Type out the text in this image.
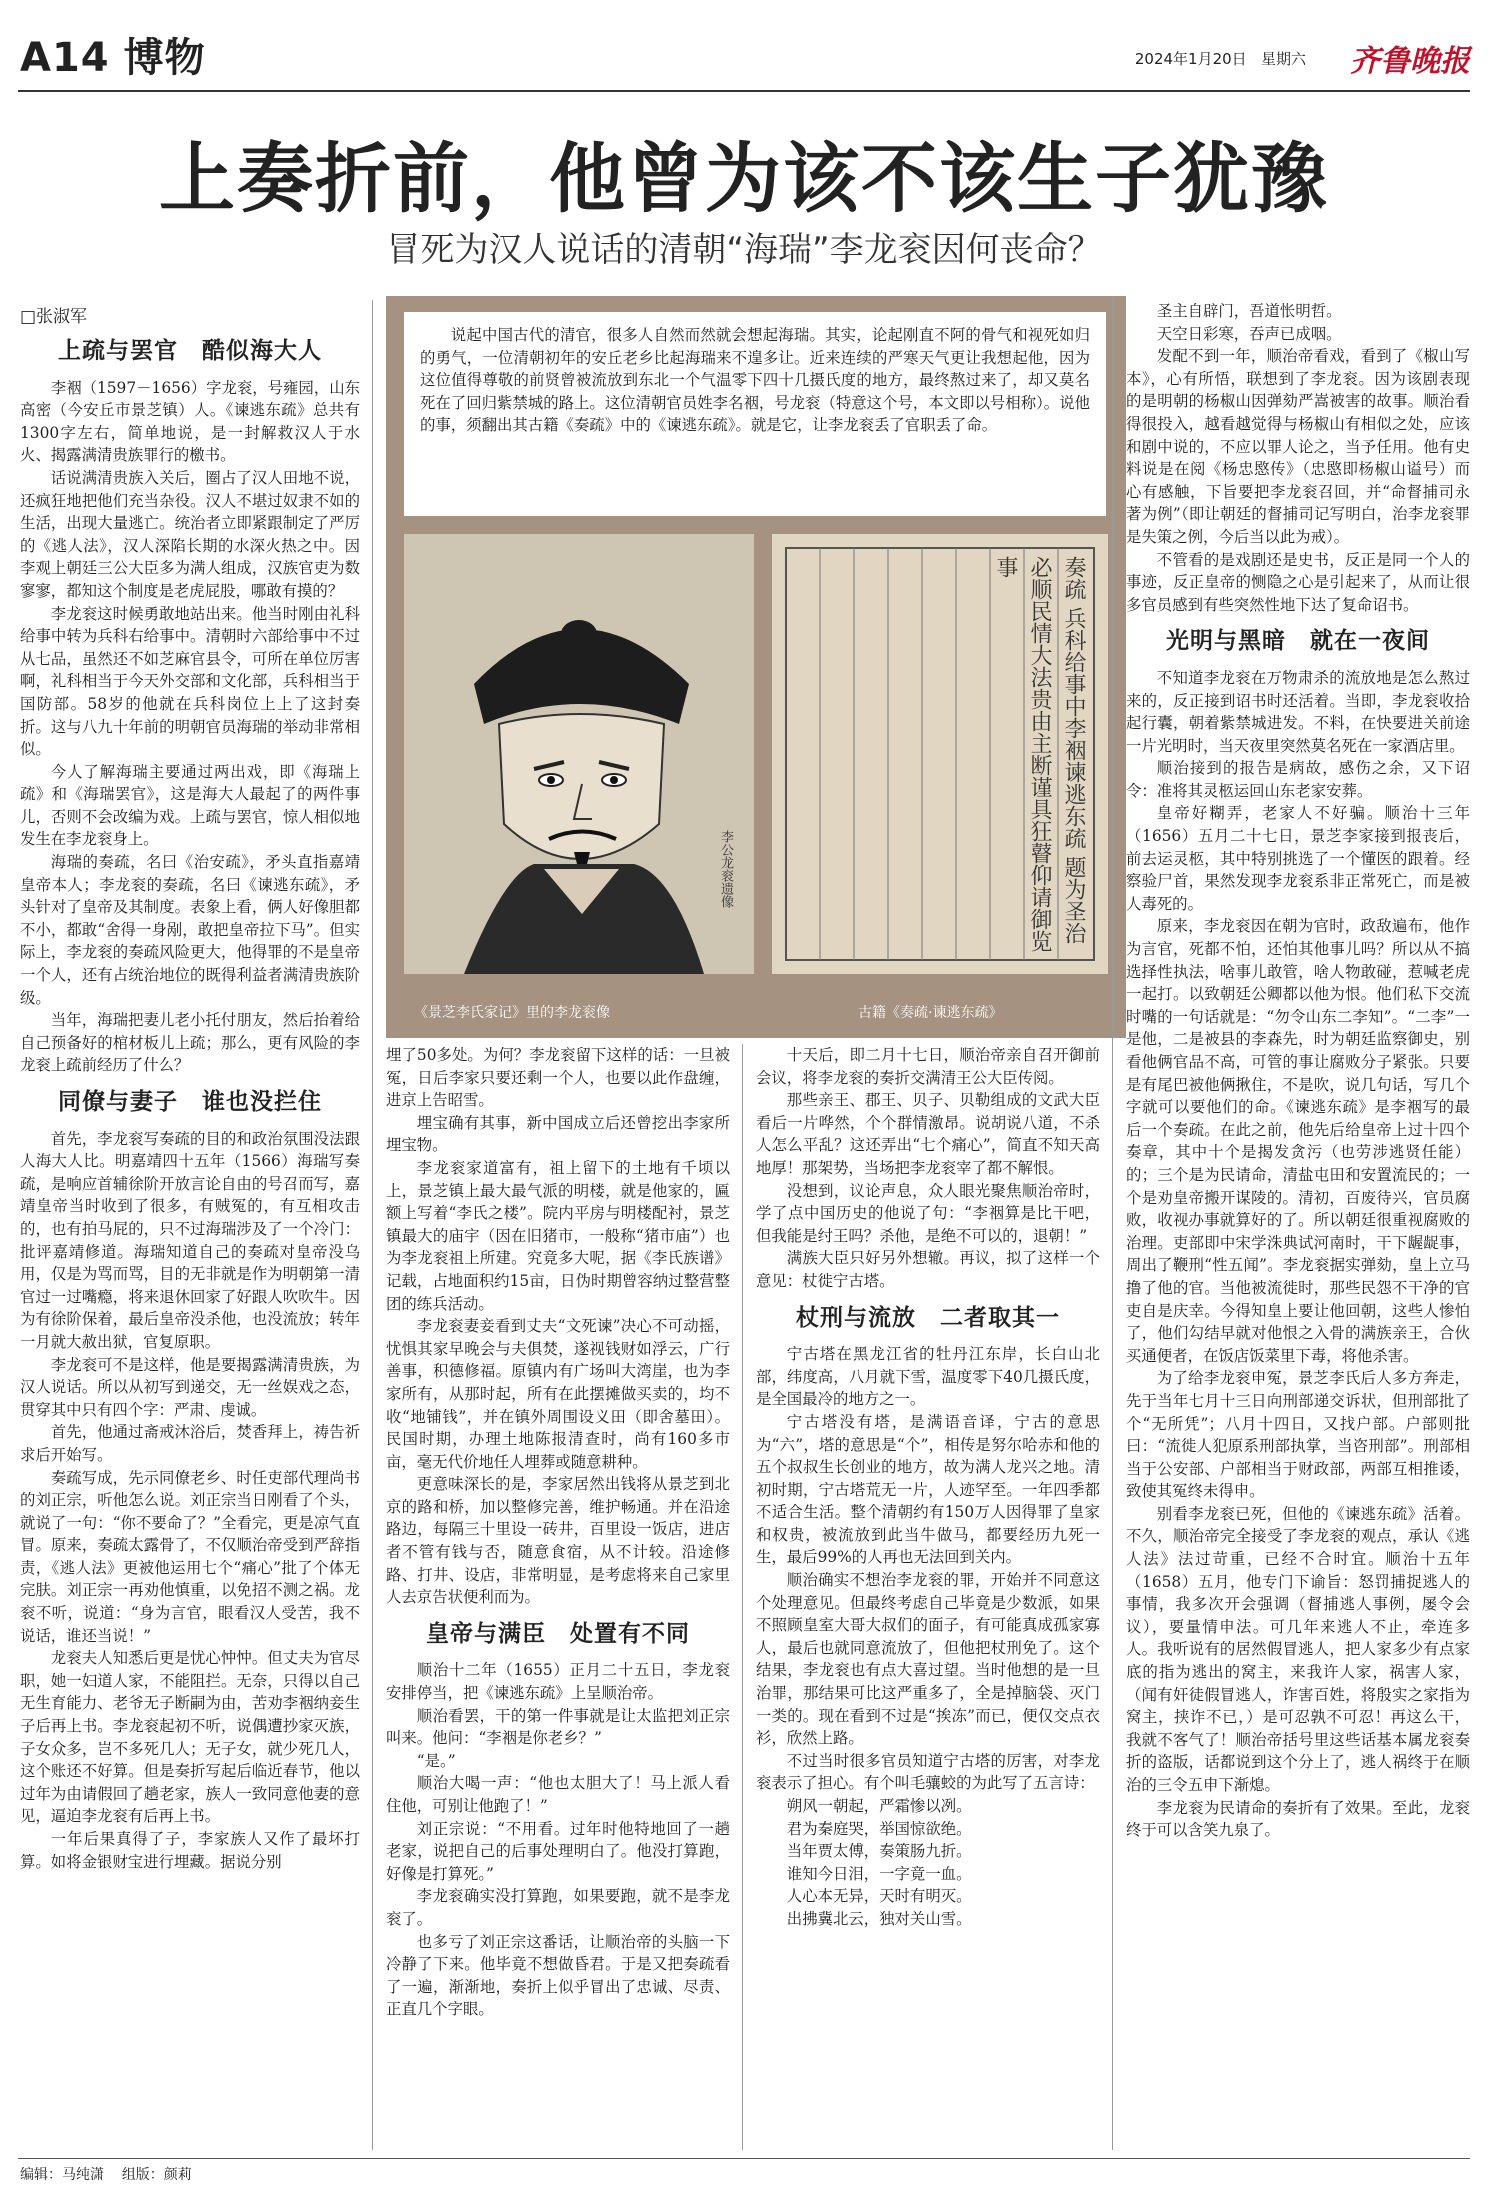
A14 博物	2024年1月20日 星期六 齐鲁晚报
上奏折前，他曾为该不该生子犹豫
冒死为汉人说话的清朝“海瑞”李龙衮因何丧命？
□张淑军

说起中国古代的清官，很多人自然而然就会想起海瑞。其实，论起刚直不阿的骨气和视死如归的勇气，一位清朝初年的安丘老乡比起海瑞来不遑多让。近来连续的严寒天气更让我想起他，因为这位值得尊敬的前贤曾被流放到东北一个气温零下四十几摄氏度的地方，最终熬过来了，却又莫名死在了回归紫禁城的路上。这位清朝官员姓李名裀，号龙衮（特意这个号，本文即以号相称）。说他的事，须翻出其古籍《奏疏》中的《谏逃东疏》。就是它，让李龙衮丢了官职丢了命。

李公龙衮遗像
《景芝李氏家记》里的李龙衮像
奏疏 兵科给事中李裀谏逃东疏 题为圣治必顺民情大法贵由主断谨具狂瞽仰请御览事
古籍《奏疏·谏逃东疏》
上疏与罢官　酷似海大人

李裀（1597－1656）字龙衮，号雍园，山东高密（今安丘市景芝镇）人。《谏逃东疏》总共有1300字左右，简单地说，是一封解救汉人于水火、揭露满清贵族罪行的檄书。

话说满清贵族入关后，圈占了汉人田地不说，还疯狂地把他们充当杂役。汉人不堪过奴隶不如的生活，出现大量逃亡。统治者立即紧跟制定了严厉的《逃人法》，汉人深陷长期的水深火热之中。因李观上朝廷三公大臣多为满人组成，汉族官吏为数寥寥，都知这个制度是老虎屁股，哪敢有摸的？

李龙衮这时候勇敢地站出来。他当时刚由礼科给事中转为兵科右给事中。清朝时六部给事中不过从七品，虽然还不如芝麻官县令，可所在单位厉害啊，礼科相当于今天外交部和文化部，兵科相当于国防部。58岁的他就在兵科岗位上上了这封奏折。这与八九十年前的明朝官员海瑞的举动非常相似。

今人了解海瑞主要通过两出戏，即《海瑞上疏》和《海瑞罢官》，这是海大人最起了的两件事儿，否则不会改编为戏。上疏与罢官，惊人相似地发生在李龙衮身上。

海瑞的奏疏，名曰《治安疏》，矛头直指嘉靖皇帝本人；李龙衮的奏疏，名曰《谏逃东疏》，矛头针对了皇帝及其制度。表象上看，俩人好像胆都不小，都敢“舍得一身剐，敢把皇帝拉下马”。但实际上，李龙衮的奏疏风险更大，他得罪的不是皇帝一个人，还有占统治地位的既得利益者满清贵族阶级。

当年，海瑞把妻儿老小托付朋友，然后抬着给自己预备好的棺材板儿上疏；那么，更有风险的李龙衮上疏前经历了什么？

同僚与妻子　谁也没拦住

首先，李龙衮写奏疏的目的和政治氛围没法跟人海大人比。明嘉靖四十五年（1566）海瑞写奏疏，是响应首辅徐阶开放言论自由的号召而写，嘉靖皇帝当时收到了很多，有贼冤的，有互相攻击的，也有拍马屁的，只不过海瑞涉及了一个冷门：批评嘉靖修道。海瑞知道自己的奏疏对皇帝没乌用，仅是为骂而骂，目的无非就是作为明朝第一清官过一过嘴瘾，将来退休回家了好跟人吹吹牛。因为有徐阶保着，最后皇帝没杀他，也没流放；转年一月就大赦出狱，官复原职。

李龙衮可不是这样，他是要揭露满清贵族，为汉人说话。所以从初写到递交，无一丝娱戏之态，贯穿其中只有四个字：严肃、虔诚。

首先，他通过斋戒沐浴后，焚香拜上，祷告祈求后开始写。

奏疏写成，先示同僚老乡、时任吏部代理尚书的刘正宗，听他怎么说。刘正宗当日刚看了个头，就说了一句：“你不要命了？”全看完，更是凉气直冒。原来，奏疏太露骨了，不仅顺治帝受到严辞指责，《逃人法》更被他运用七个“痛心”批了个体无完肤。刘正宗一再劝他慎重，以免招不测之祸。龙衮不听，说道：“身为言官，眼看汉人受苦，我不说话，谁还当说！”

龙衮夫人知悉后更是忧心忡忡。但丈夫为官尽职，她一妇道人家，不能阻拦。无奈，只得以自己无生育能力、老爷无子断嗣为由，苦劝李裀纳妾生子后再上书。李龙衮起初不听，说偶遭抄家灭族，子女众多，岂不多死几人；无子女，就少死几人，这个账还不好算。但是奏折写起后临近春节，他以过年为由请假回了趟老家，族人一致同意他妻的意见，逼迫李龙衮有后再上书。

一年后果真得了子，李家族人又作了最坏打算。如将金银财宝进行埋藏。据说分别

埋了50多处。为何？李龙衮留下这样的话：一旦被冤，日后李家只要还剩一个人，也要以此作盘缠，进京上告昭雪。

埋宝确有其事，新中国成立后还曾挖出李家所埋宝物。

李龙衮家道富有，祖上留下的土地有千顷以上，景芝镇上最大最气派的明楼，就是他家的，匾额上写着“李氏之楼”。院内平房与明楼配衬，景芝镇最大的庙宇（因在旧猪市，一般称“猪市庙”）也为李龙衮祖上所建。究竟多大呢，据《李氏族谱》记载，占地面积约15亩，日伪时期曾容纳过整营整团的练兵活动。

李龙衮妻妾看到丈夫“文死谏”决心不可动摇，忧惧其家早晚会与夫俱焚，遂视钱财如浮云，广行善事，积德修福。原镇内有广场叫大湾崖，也为李家所有，从那时起，所有在此摆摊做买卖的，均不收“地铺钱”，并在镇外周围设义田（即舍墓田）。民国时期，办理土地陈报清查时，尚有160多市亩，毫无代价地任人埋葬或随意耕种。

更意味深长的是，李家居然出钱将从景芝到北京的路和桥，加以整修完善，维护畅通。并在沿途路边，每隔三十里设一砖井，百里设一饭店，进店者不管有钱与否，随意食宿，从不计较。沿途修路、打井、设店，非常明显，是考虑将来自己家里人去京告状便利而为。

皇帝与满臣　处置有不同

顺治十二年（1655）正月二十五日，李龙衮安排停当，把《谏逃东疏》上呈顺治帝。

顺治看罢，干的第一件事就是让太监把刘正宗叫来。他问：“李裀是你老乡？”

“是。”

顺治大喝一声：“他也太胆大了！马上派人看住他，可别让他跑了！”

刘正宗说：“不用看。过年时他特地回了一趟老家，说把自己的后事处理明白了。他没打算跑，好像是打算死。”

李龙衮确实没打算跑，如果要跑，就不是李龙衮了。

也多亏了刘正宗这番话，让顺治帝的头脑一下冷静了下来。他毕竟不想做昏君。于是又把奏疏看了一遍，渐渐地，奏折上似乎冒出了忠诚、尽责、正直几个字眼。

十天后，即二月十七日，顺治帝亲自召开御前会议，将李龙衮的奏折交满清王公大臣传阅。

那些亲王、郡王、贝子、贝勒组成的文武大臣看后一片哗然，个个群情激昂。说胡说八道，不杀人怎么平乱？这还弄出“七个痛心”，简直不知天高地厚！那架势，当场把李龙衮宰了都不解恨。

没想到，议论声息，众人眼光聚焦顺治帝时，学了点中国历史的他说了句：“李裀算是比干吧，但我能是纣王吗？杀他，是绝不可以的，退朝！”

满族大臣只好另外想辙。再议，拟了这样一个意见：杖徙宁古塔。

杖刑与流放　二者取其一

宁古塔在黑龙江省的牡丹江东岸，长白山北部，纬度高，八月就下雪，温度零下40几摄氏度，是全国最冷的地方之一。

宁古塔没有塔，是满语音译，宁古的意思为“六”，塔的意思是“个”，相传是努尔哈赤和他的五个叔叔生长创业的地方，故为满人龙兴之地。清初时期，宁古塔荒无一片，人迹罕至。一年四季都不适合生活。整个清朝约有150万人因得罪了皇家和权贵，被流放到此当牛做马，都要经历九死一生，最后99%的人再也无法回到关内。

顺治确实不想治李龙衮的罪，开始并不同意这个处理意见。但最终考虑自己毕竟是少数派，如果不照顾皇室大哥大叔们的面子，有可能真成孤家寡人，最后也就同意流放了，但他把杖刑免了。这个结果，李龙衮也有点大喜过望。当时他想的是一旦治罪，那结果可比这严重多了，全是掉脑袋、灭门一类的。现在看到不过是“挨冻”而已，便仅交点衣衫，欣然上路。

不过当时很多官员知道宁古塔的厉害，对李龙衮表示了担心。有个叫毛骧蛟的为此写了五言诗：

朔风一朝起，严霜惨以冽。
君为秦庭哭，举国惊欲绝。
当年贾太傅，奏策肠九折。
谁知今日泪，一字竟一血。
人心本无异，天时有明灭。
出拂冀北云，独对关山雪。
圣主自辟门，吾道怅明哲。
天空日彩寒，吞声已成咽。

发配不到一年，顺治帝看戏，看到了《椒山写本》，心有所悟，联想到了李龙衮。因为该剧表现的是明朝的杨椒山因弹劾严嵩被害的故事。顺治看得很投入，越看越觉得与杨椒山有相似之处，应该和剧中说的，不应以罪人论之，当予任用。他有史料说是在阅《杨忠愍传》（忠愍即杨椒山谥号）而心有感触，下旨要把李龙衮召回，并“命督捕司永著为例”（即让朝廷的督捕司记写明白，治李龙衮罪是失策之例，今后当以此为戒）。

不管看的是戏剧还是史书，反正是同一个人的事迹，反正皇帝的恻隐之心是引起来了，从而让很多官员感到有些突然性地下达了复命诏书。

光明与黑暗　就在一夜间

不知道李龙衮在万物肃杀的流放地是怎么熬过来的，反正接到诏书时还活着。当即，李龙衮收拾起行囊，朝着紫禁城进发。不料，在快要进关前途一片光明时，当天夜里突然莫名死在一家酒店里。

顺治接到的报告是病故，感伤之余，又下诏令：准将其灵柩运回山东老家安葬。

皇帝好糊弄，老家人不好骗。顺治十三年（1656）五月二十七日，景芝李家接到报丧后，前去运灵柩，其中特别挑选了一个懂医的跟着。经察验尸首，果然发现李龙衮系非正常死亡，而是被人毒死的。

原来，李龙衮因在朝为官时，政敌遍布，他作为言官，死都不怕，还怕其他事儿吗？所以从不搞选择性执法，啥事儿敢管，啥人物敢碰，惹喊老虎一起打。以致朝廷公卿都以他为恨。他们私下交流时嘴的一句话就是：“勿令山东二李知”。“二李”一是他，二是被县的李森先，时为朝廷监察御史，别看他俩官品不高，可管的事让腐败分子紧张。只要是有尾巴被他俩揪住，不是吹，说几句话，写几个字就可以要他们的命。《谏逃东疏》是李裀写的最后一个奏疏。在此之前，他先后给皇帝上过十四个奏章，其中十个是揭发贪污（也劳涉逃贤任能）的；三个是为民请命，清盐屯田和安置流民的；一个是劝皇帝搬开谋陵的。清初，百废待兴，官员腐败，收视办事就算好的了。所以朝廷很重视腐败的治理。吏部即中宋学洙典试河南时，干下龌龊事，周出了鞭刑“性五闻”。李龙衮据实弹劾，皇上立马撸了他的官。当他被流徙时，那些民怨不干净的官吏自是庆幸。今得知皇上要让他回朝，这些人惨怕了，他们勾结早就对他恨之入骨的满族亲王，合伙买通便者，在饭店饭菜里下毒，将他杀害。

为了给李龙衮申冤，景芝李氏后人多方奔走，先于当年七月十三日向刑部递交诉状，但刑部批了个“无所凭”；八月十四日，又找户部。户部则批曰：“流徙人犯原系刑部执掌，当咨刑部”。刑部相当于公安部、户部相当于财政部，两部互相推诿，致使其冤终未得申。

别看李龙衮已死，但他的《谏逃东疏》活着。不久，顺治帝完全接受了李龙衮的观点，承认《逃人法》法过苛重，已经不合时宜。顺治十五年（1658）五月，他专门下谕旨：怒罚捕捉逃人的事情，我多次开会强调（督捕逃人事例，屡令会议），要量情申法。可几年来逃人不止，牵连多人。我听说有的居然假冒逃人，把人家多少有点家底的指为逃出的窝主，来我许人家，祸害人家，（闻有奸徒假冒逃人，诈害百姓，将殷实之家指为窝主，挟诈不已，）是可忍孰不可忍！再这么干，我就不客气了！顺治帝括号里这些话基本属龙衮奏折的盗版，话都说到这个分上了，逃人祸终于在顺治的三令五申下渐熄。

李龙衮为民请命的奏折有了效果。至此，龙衮终于可以含笑九泉了。

编辑：马纯潇 组版：颜莉
